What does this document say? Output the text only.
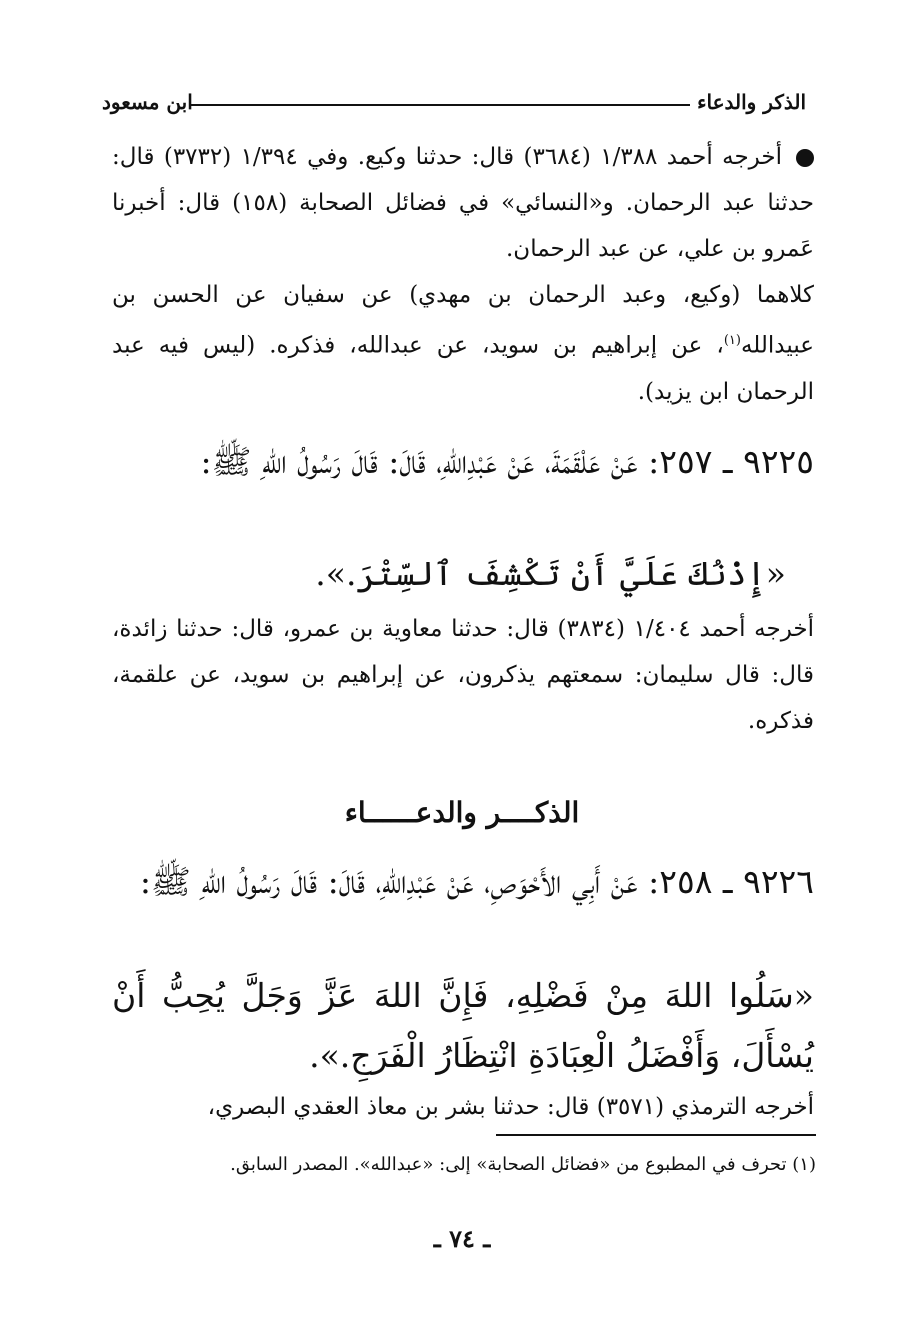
الذكر والدعاء
ابن مسعود

أخرجه أحمد ١/٣٨٨ (٣٦٨٤) قال: حدثنا وكيع. وفي ١/٣٩٤ (٣٧٣٢) قال: حدثنا عبد الرحمان. و«النسائي» في فضائل الصحابة (١٥٨) قال: أخبرنا عَمرو بن علي، عن عبد الرحمان.

كلاهما (وكيع، وعبد الرحمان بن مهدي) عن سفيان عن الحسن بن عبيدالله$^{(١)}$، عن إبراهيم بن سويد، عن عبدالله، فذكره. (ليس فيه عبد الرحمان ابن يزيد).

٩٢٢٥ ـ ٢٥٧: عَنْ عَلْقَمَةَ، عَنْ عَبْدِاللهِ، قَالَ: قَالَ رَسُولُ اللهِ ﷺ:

«إِذْنُكَ عَلَيَّ أَنْ تَكْشِفَ ٱلسِّتْرَ.».

أخرجه أحمد ١/٤٠٤ (٣٨٣٤) قال: حدثنا معاوية بن عمرو، قال: حدثنا زائدة، قال: قال سليمان: سمعتهم يذكرون، عن إبراهيم بن سويد، عن علقمة، فذكره.

الذكــــر والدعــــــاء

٩٢٢٦ ـ ٢٥٨: عَنْ أَبِي الأَحْوَصِ، عَنْ عَبْدِاللهِ، قَالَ: قَالَ رَسُولُ اللهِ ﷺ:

«سَلُوا اللهَ مِنْ فَضْلِهِ، فَإِنَّ اللهَ عَزَّ وَجَلَّ يُحِبُّ أَنْ يُسْأَلَ، وَأَفْضَلُ الْعِبَادَةِ انْتِظَارُ الْفَرَجِ.».

أخرجه الترمذي (٣٥٧١) قال: حدثنا بشر بن معاذ العقدي البصري،

(١) تحرف في المطبوع من «فضائل الصحابة» إلى: «عبدالله». المصدر السابق.

ـ ٧٤ ـ
